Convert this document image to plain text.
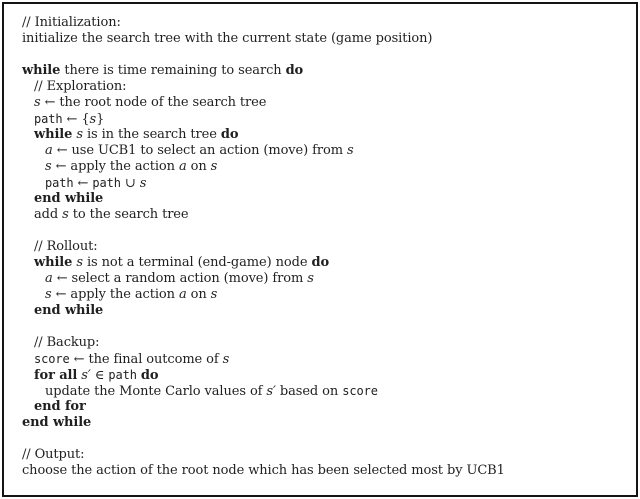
// Initialization:
initialize the search tree with the current state (game position)
while there is time remaining to search do
// Exploration:
s ← the root node of the search tree
path ← {s}
while s is in the search tree do
a ← use UCB1 to select an action (move) from s
s ← apply the action a on s
path ← path ∪ s
end while
add s to the search tree
// Rollout:
while s is not a terminal (end-game) node do
a ← select a random action (move) from s
s ← apply the action a on s
end while
// Backup:
score ← the final outcome of s
for all s′ ∈ path do
update the Monte Carlo values of s′ based on score
end for
end while
// Output:
choose the action of the root node which has been selected most by UCB1
